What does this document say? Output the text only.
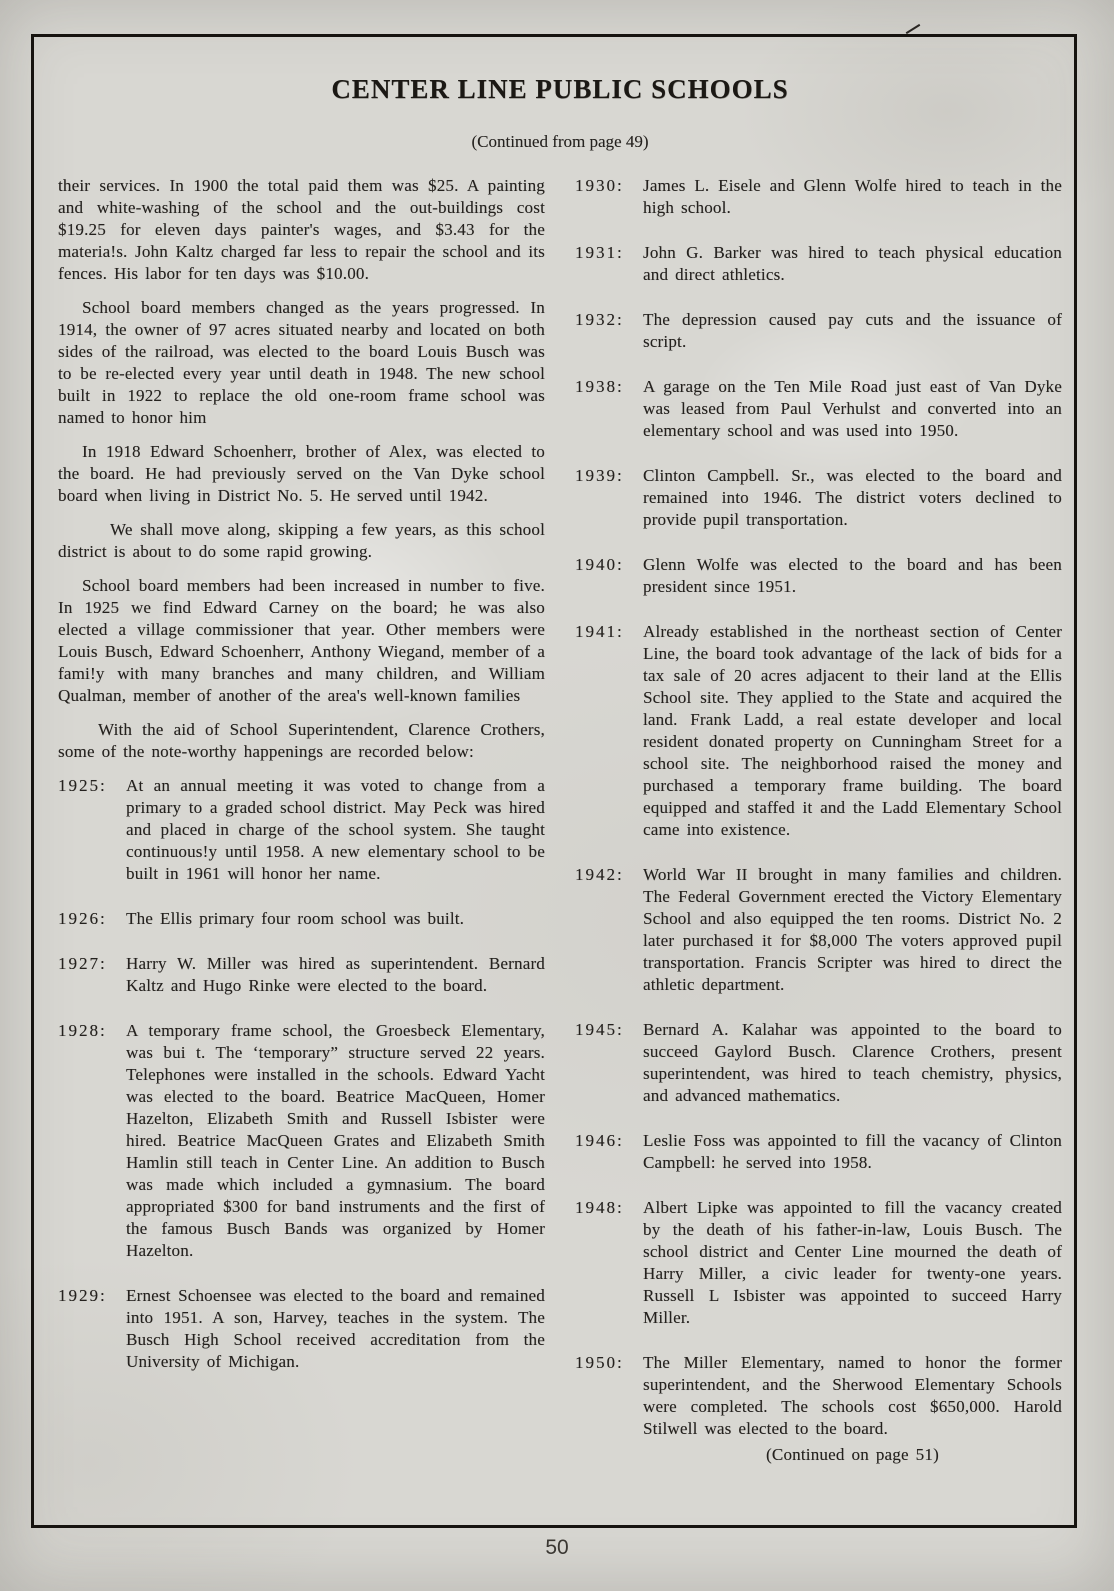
CENTER LINE PUBLIC SCHOOLS
(Continued from page 49)

their services. In 1900 the total paid them was $25. A painting and white-washing of the school and the out-buildings cost $19.25 for eleven days painter's wages, and $3.43 for the materia!s. John Kaltz charged far less to repair the school and its fences. His labor for ten days was $10.00.

School board members changed as the years progressed. In 1914, the owner of 97 acres situated nearby and located on both sides of the railroad, was elected to the board Louis Busch was to be re-elected every year until death in 1948. The new school built in 1922 to replace the old one-room frame school was named to honor him

In 1918 Edward Schoenherr, brother of Alex, was elected to the board. He had previously served on the Van Dyke school board when living in District No. 5. He served until 1942.

We shall move along, skipping a few years, as this school district is about to do some rapid growing.

School board members had been increased in number to five. In 1925 we find Edward Carney on the board; he was also elected a village commissioner that year. Other members were Louis Busch, Edward Schoenherr, Anthony Wiegand, member of a fami!y with many branches and many children, and William Qualman, member of another of the area's well-known families

With the aid of School Superintendent, Clarence Crothers, some of the note-worthy happenings are recorded below:

1925:	At an annual meeting it was voted to change from a primary to a graded school district. May Peck was hired and placed in charge of the school system. She taught continuous!y until 1958. A new elementary school to be built in 1961 will honor her name.
1926:	The Ellis primary four room school was built.
1927:	Harry W. Miller was hired as superintendent. Bernard Kaltz and Hugo Rinke were elected to the board.
1928:	A temporary frame school, the Groesbeck Elementary, was bui t. The ‘temporary” structure served 22 years. Telephones were installed in the schools. Edward Yacht was elected to the board. Beatrice MacQueen, Homer Hazelton, Elizabeth Smith and Russell Isbister were hired. Beatrice MacQueen Grates and Elizabeth Smith Hamlin still teach in Center Line. An addition to Busch was made which included a gymnasium. The board appropriated $300 for band instruments and the first of the famous Busch Bands was organized by Homer Hazelton.
1929:	Ernest Schoensee was elected to the board and remained into 1951. A son, Harvey, teaches in the system. The Busch High School received accreditation from the University of Michigan.
1930:	James L. Eisele and Glenn Wolfe hired to teach in the high school.
1931:	John G. Barker was hired to teach physical education and direct athletics.
1932:	The depression caused pay cuts and the issuance of script.
1938:	A garage on the Ten Mile Road just east of Van Dyke was leased from Paul Verhulst and converted into an elementary school and was used into 1950.
1939:	Clinton Campbell. Sr., was elected to the board and remained into 1946. The district voters declined to provide pupil transportation.
1940:	Glenn Wolfe was elected to the board and has been president since 1951.
1941:	Already established in the northeast section of Center Line, the board took advantage of the lack of bids for a tax sale of 20 acres adjacent to their land at the Ellis School site. They applied to the State and acquired the land. Frank Ladd, a real estate developer and local resident donated property on Cunningham Street for a school site. The neighborhood raised the money and purchased a temporary frame building. The board equipped and staffed it and the Ladd Elementary School came into existence.
1942:	World War II brought in many families and children. The Federal Government erected the Victory Elementary School and also equipped the ten rooms. District No. 2 later purchased it for $8,000 The voters approved pupil transportation. Francis Scripter was hired to direct the athletic department.
1945:	Bernard A. Kalahar was appointed to the board to succeed Gaylord Busch. Clarence Crothers, present superintendent, was hired to teach chemistry, physics, and advanced mathematics.
1946:	Leslie Foss was appointed to fill the vacancy of Clinton Campbell: he served into 1958.
1948:	Albert Lipke was appointed to fill the vacancy created by the death of his father-in-law, Louis Busch. The school district and Center Line mourned the death of Harry Miller, a civic leader for twenty-one years. Russell L Isbister was appointed to succeed Harry Miller.
1950:	The Miller Elementary, named to honor the former superintendent, and the Sherwood Elementary Schools were completed. The schools cost $650,000. Harold Stilwell was elected to the board.
(Continued on page 51)
50
